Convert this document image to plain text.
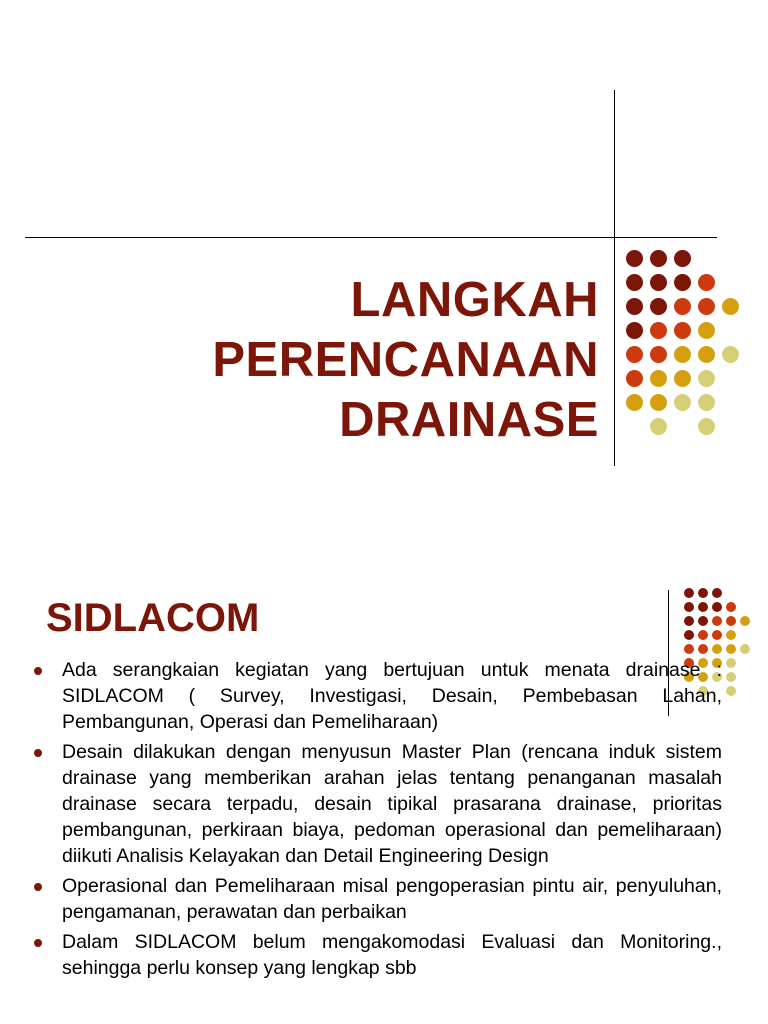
LANGKAH
PERENCANAAN
DRAINASE
SIDLACOM
Ada serangkaian kegiatan yang bertujuan untuk menata drainase : SIDLACOM ( Survey, Investigasi, Desain, Pembebasan Lahan, Pembangunan, Operasi dan Pemeliharaan)
Desain dilakukan dengan menyusun Master Plan (rencana induk sistem drainase yang memberikan arahan jelas tentang penanganan masalah drainase secara terpadu, desain tipikal prasarana drainase, prioritas pembangunan, perkiraan biaya, pedoman operasional dan pemeliharaan) diikuti Analisis Kelayakan dan Detail Engineering Design
Operasional dan Pemeliharaan misal pengoperasian pintu air, penyuluhan, pengamanan, perawatan dan perbaikan
Dalam SIDLACOM belum mengakomodasi Evaluasi dan Monitoring., sehingga perlu konsep yang lengkap sbb
